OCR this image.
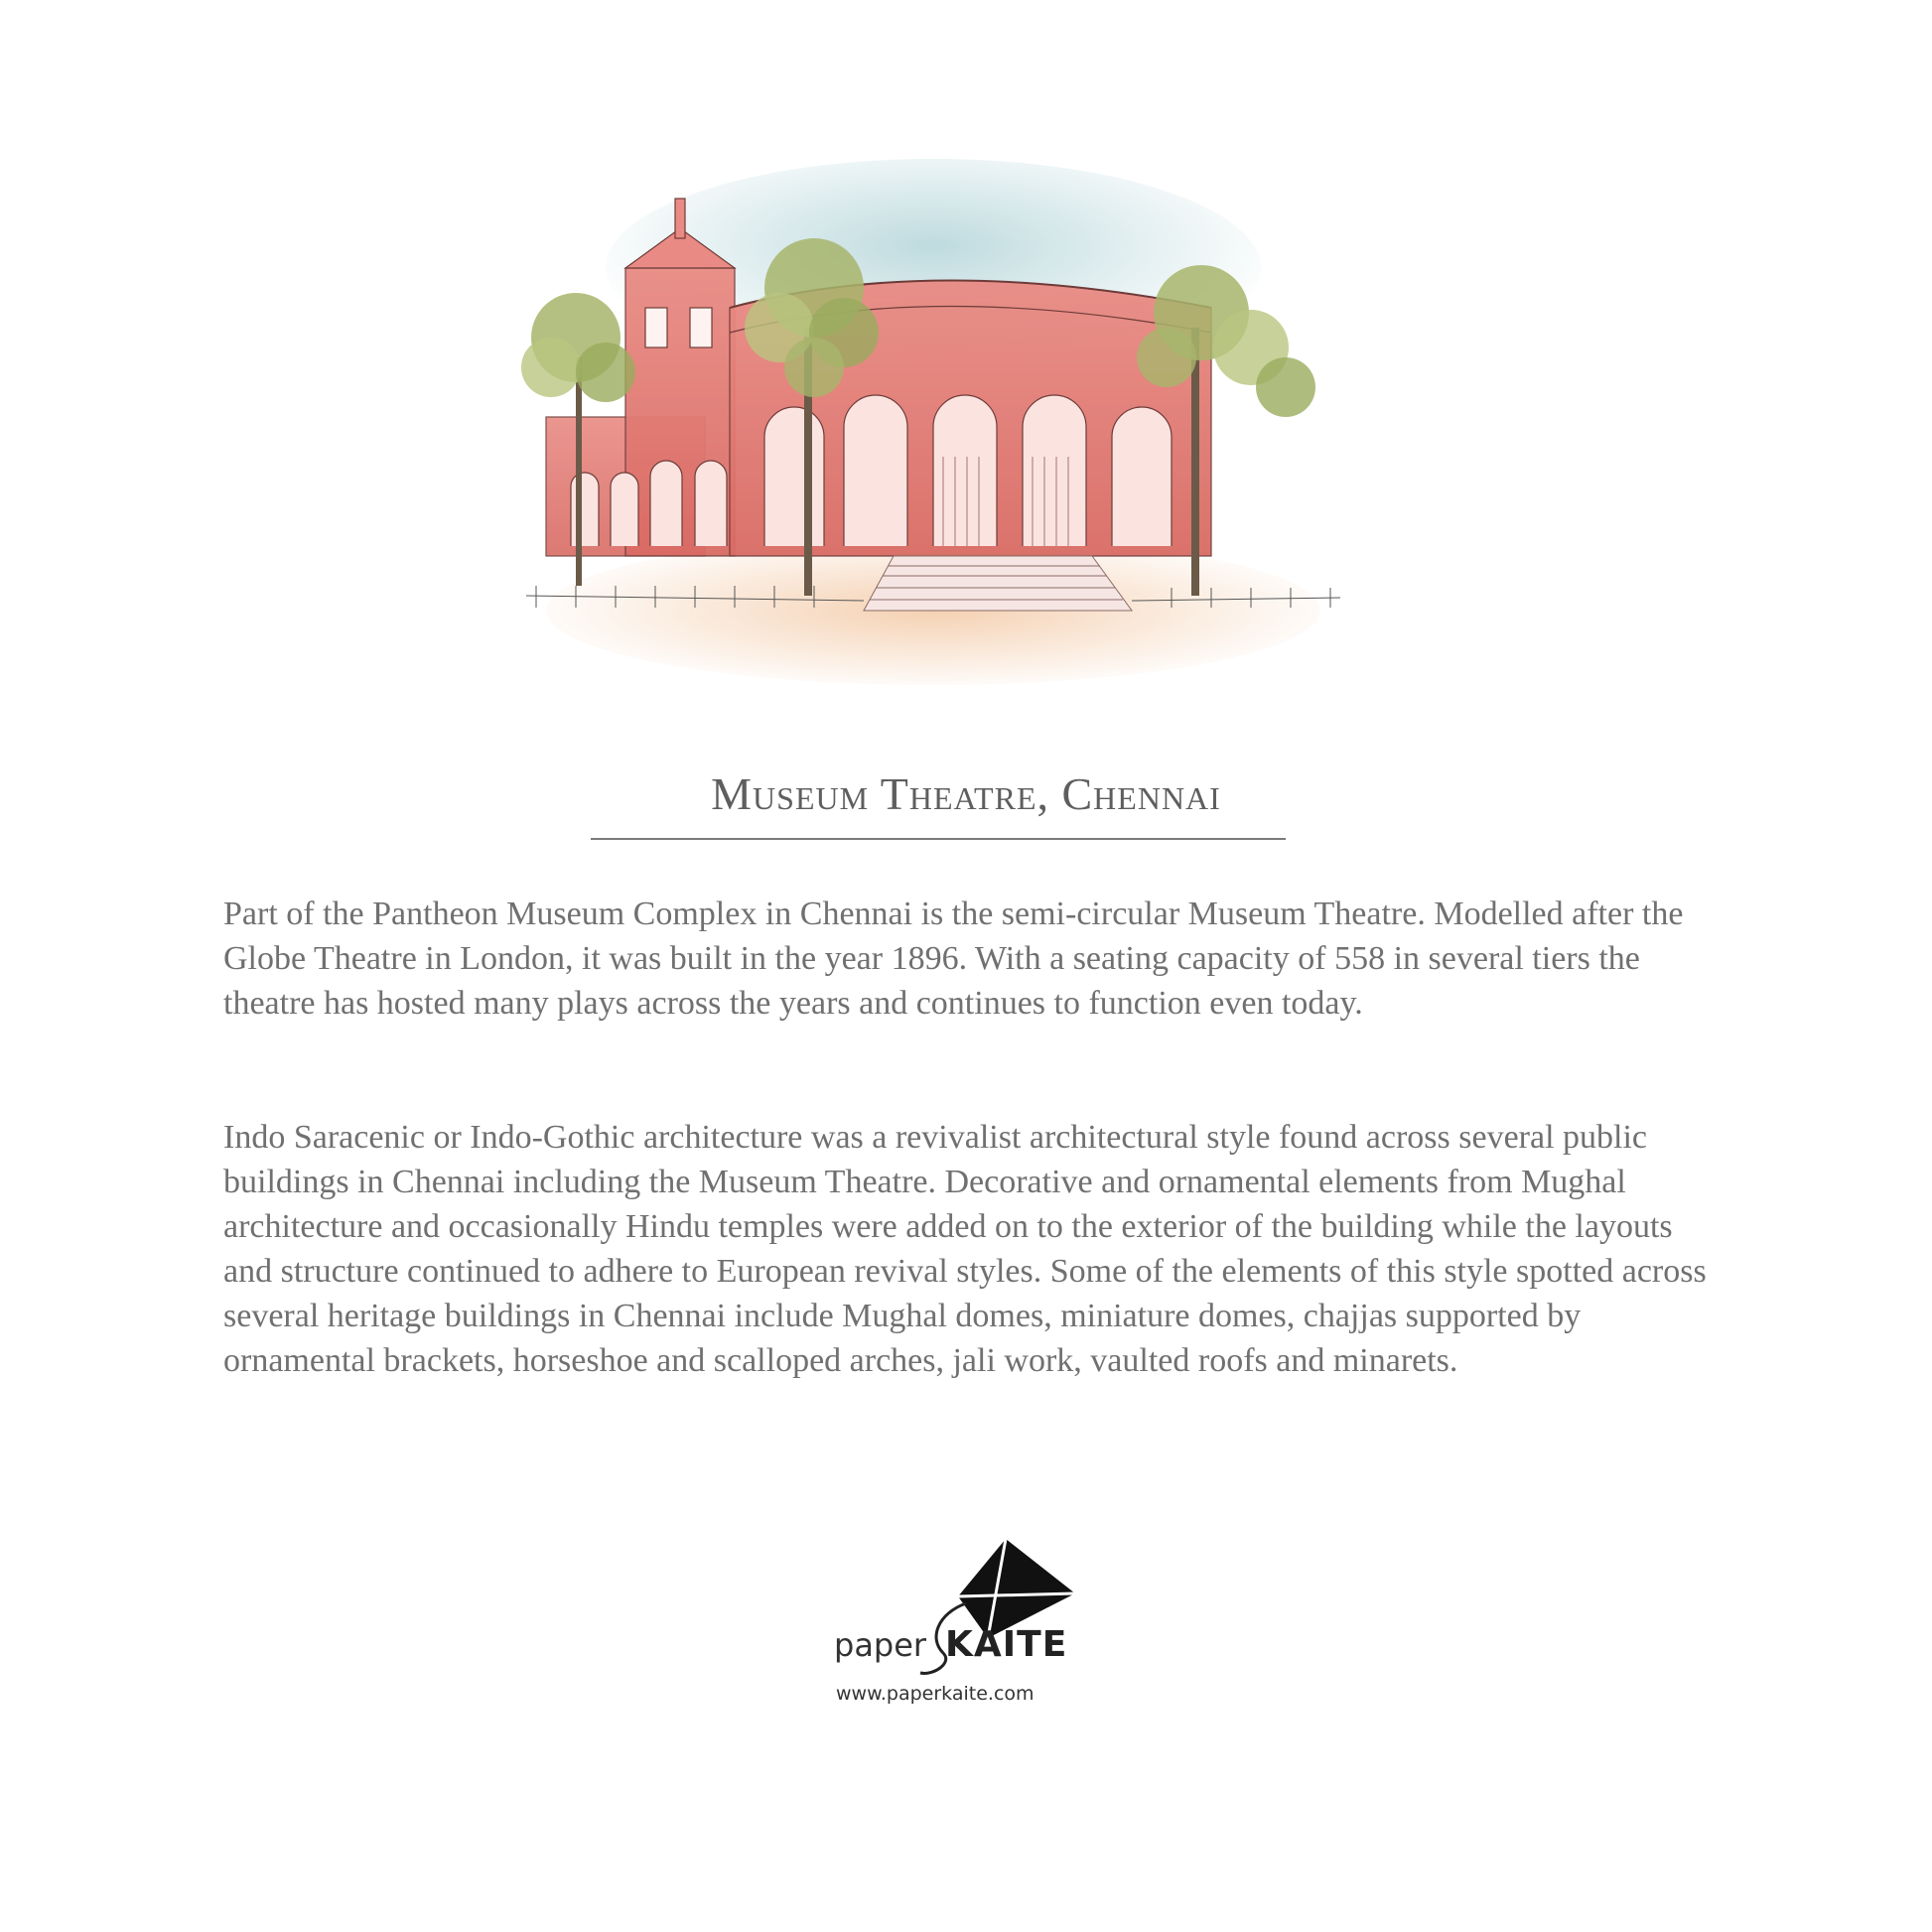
Museum Theatre, Chennai

Part of the Pantheon Museum Complex in Chennai is the semi-circular Museum Theatre. Modelled after the Globe Theatre in London, it was built in the year 1896. With a seating capacity of 558 in several tiers the theatre has hosted many plays across the years and continues to function even today.

Indo Saracenic or Indo-Gothic architecture was a revivalist architectural style found across several public buildings in Chennai including the Museum Theatre. Decorative and ornamental elements from Mughal architecture and occasionally Hindu temples were added on to the exterior of the building while the layouts and structure continued to adhere to European revival styles. Some of the elements of this style spotted across several heritage buildings in Chennai include Mughal domes, miniature domes, chajjas supported by ornamental brackets, horseshoe and scalloped arches, jali work, vaulted roofs and minarets.

paper KAITE
www.paperkaite.com
